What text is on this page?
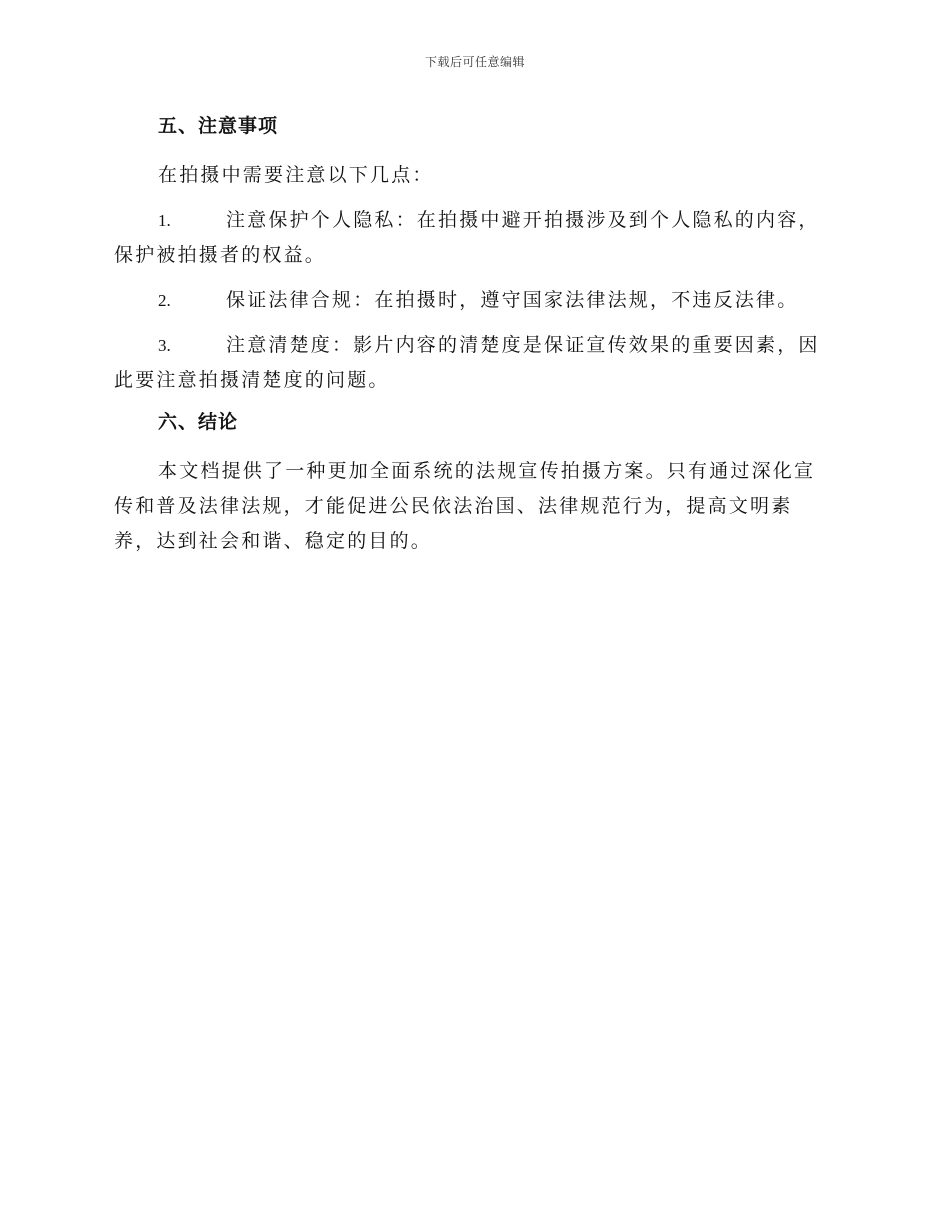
下载后可任意编辑
五、注意事项

在拍摄中需要注意以下几点：

1.	注意保护个人隐私：在拍摄中避开拍摄涉及到个人隐私的内容，保护被拍摄者的权益。

2.	保证法律合规：在拍摄时，遵守国家法律法规，不违反法律。

3.	注意清楚度：影片内容的清楚度是保证宣传效果的重要因素，因此要注意拍摄清楚度的问题。

六、结论

本文档提供了一种更加全面系统的法规宣传拍摄方案。只有通过深化宣传和普及法律法规，才能促进公民依法治国、法律规范行为，提高文明素养，达到社会和谐、稳定的目的。
